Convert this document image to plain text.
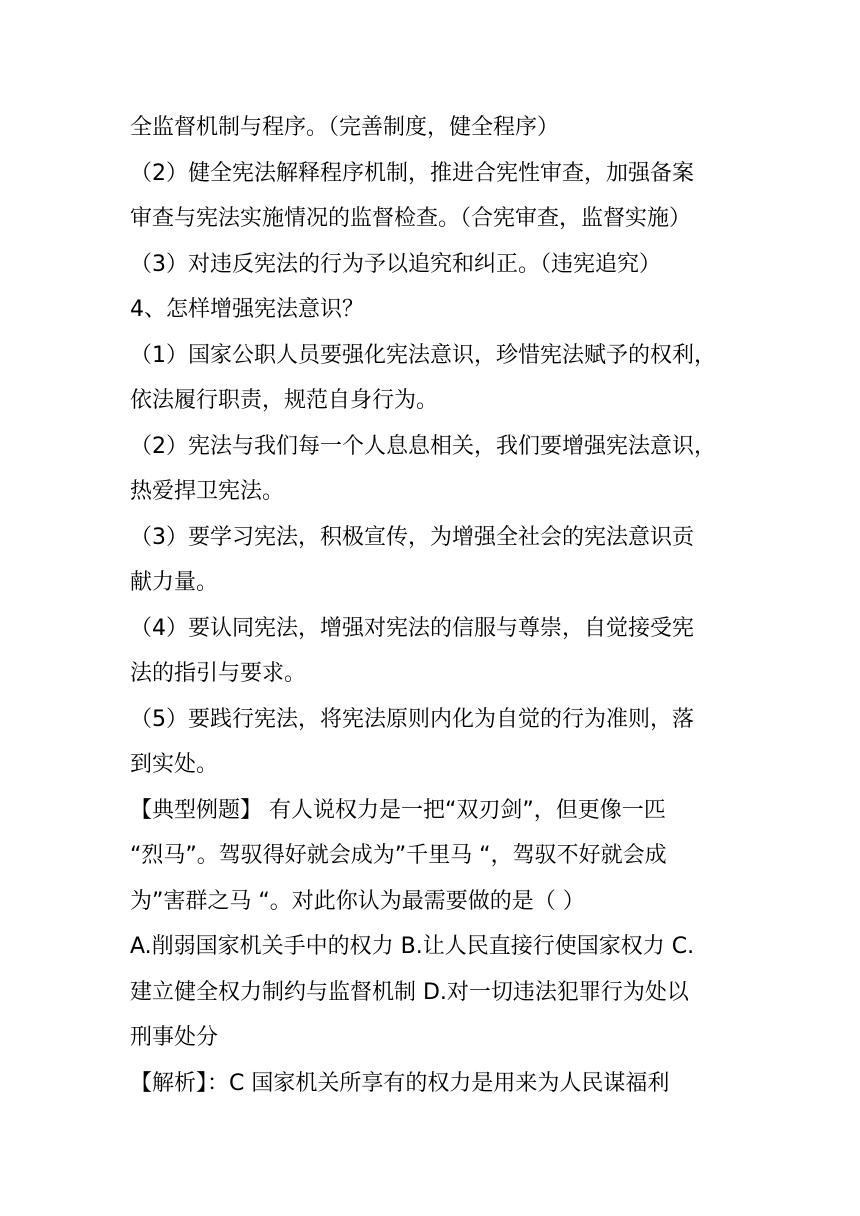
全监督机制与程序。（完善制度，健全程序）
（2）健全宪法解释程序机制，推进合宪性审查，加强备案
审查与宪法实施情况的监督检查。（合宪审查，监督实施）
（3）对违反宪法的行为予以追究和纠正。（违宪追究）
4、怎样增强宪法意识？
（1）国家公职人员要强化宪法意识，珍惜宪法赋予的权利，
依法履行职责，规范自身行为。
（2）宪法与我们每一个人息息相关，我们要增强宪法意识，
热爱捍卫宪法。
（3）要学习宪法，积极宣传，为增强全社会的宪法意识贡
献力量。
（4）要认同宪法，增强对宪法的信服与尊崇，自觉接受宪
法的指引与要求。
（5）要践行宪法，将宪法原则内化为自觉的行为准则，落
到实处。
【典型例题】 有人说权力是一把“双刃剑”，但更像一匹
“烈马”。驾驭得好就会成为”千里马 “，驾驭不好就会成
为”害群之马 “。对此你认为最需要做的是（ ）
A.削弱国家机关手中的权力 B.让人民直接行使国家权力 C.
建立健全权力制约与监督机制 D.对一切违法犯罪行为处以
刑事处分
【解析】：C 国家机关所享有的权力是用来为人民谋福利
